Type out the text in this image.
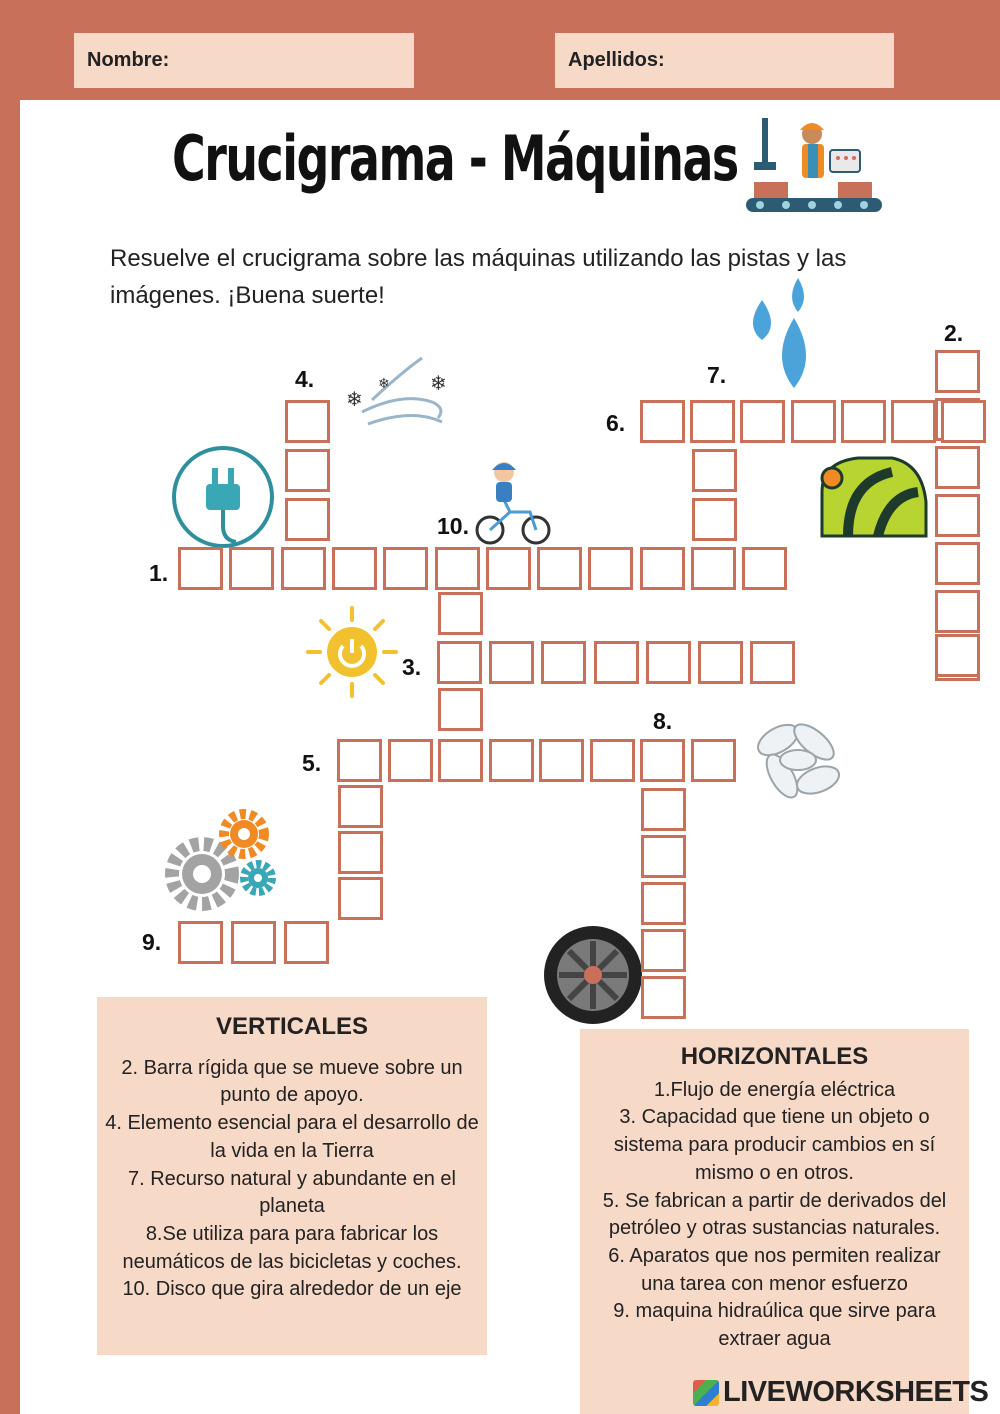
Nombre:	Apellidos:
Crucigrama - Máquinas
Resuelve el crucigrama sobre las máquinas utilizando las pistas y las imágenes. ¡Buena suerte!
❄
❄ ❄
1.
2.
3.
4.
5.
6.
7.
8.
9.
10.
VERTICALES

2. Barra rígida que se mueve sobre un punto de apoyo.

4. Elemento esencial para el desarrollo de la vida en la Tierra

7. Recurso natural y abundante en el planeta

8.Se utiliza para para fabricar los neumáticos de las bicicletas y coches.

10. Disco que gira alrededor de un eje

HORIZONTALES

1.Flujo de energía eléctrica

3. Capacidad que tiene un objeto o sistema para producir cambios en sí mismo o en otros.

5. Se fabrican a partir de derivados del petróleo y otras sustancias naturales.

6. Aparatos que nos permiten realizar una tarea con menor esfuerzo

9. maquina hidraúlica que sirve para extraer agua

LIVEWORKSHEETS
